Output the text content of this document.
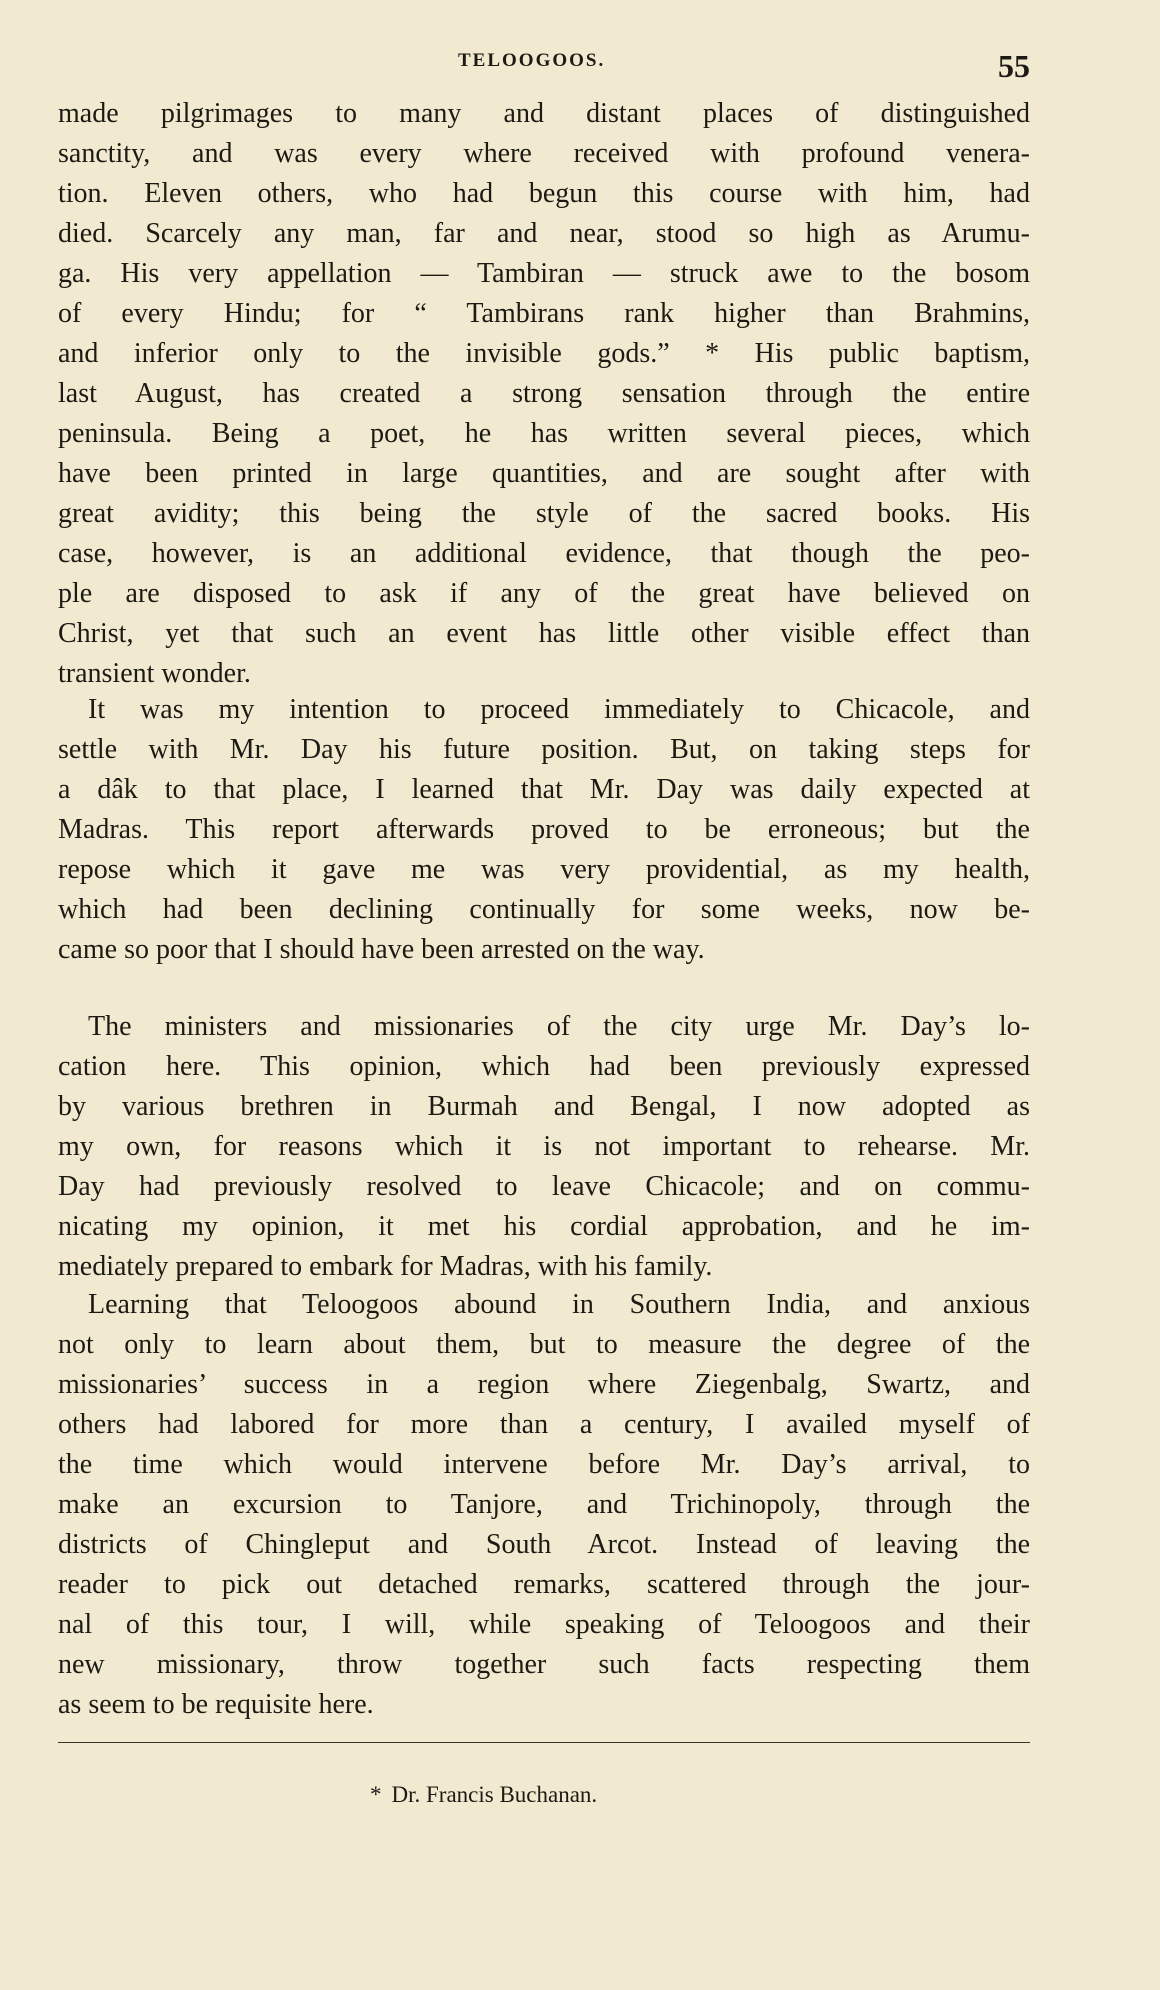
TELOOGOOS.	55
made pilgrimages to many and distant places of distinguished
sanctity, and was every where received with profound venera-
tion. Eleven others, who had begun this course with him, had
died. Scarcely any man, far and near, stood so high as Arumu-
ga. His very appellation — Tambiran — struck awe to the bosom
of every Hindu; for “ Tambirans rank higher than Brahmins,
and inferior only to the invisible gods.” * His public baptism,
last August, has created a strong sensation through the entire
peninsula. Being a poet, he has written several pieces, which
have been printed in large quantities, and are sought after with
great avidity; this being the style of the sacred books. His
case, however, is an additional evidence, that though the peo-
ple are disposed to ask if any of the great have believed on
Christ, yet that such an event has little other visible effect than
transient wonder.
It was my intention to proceed immediately to Chicacole, and
settle with Mr. Day his future position. But, on taking steps for
a dâk to that place, I learned that Mr. Day was daily expected at
Madras. This report afterwards proved to be erroneous; but the
repose which it gave me was very providential, as my health,
which had been declining continually for some weeks, now be-
came so poor that I should have been arrested on the way.
The ministers and missionaries of the city urge Mr. Day’s lo-
cation here. This opinion, which had been previously expressed
by various brethren in Burmah and Bengal, I now adopted as
my own, for reasons which it is not important to rehearse. Mr.
Day had previously resolved to leave Chicacole; and on commu-
nicating my opinion, it met his cordial approbation, and he im-
mediately prepared to embark for Madras, with his family.
Learning that Teloogoos abound in Southern India, and anxious
not only to learn about them, but to measure the degree of the
missionaries’ success in a region where Ziegenbalg, Swartz, and
others had labored for more than a century, I availed myself of
the time which would intervene before Mr. Day’s arrival, to
make an excursion to Tanjore, and Trichinopoly, through the
districts of Chingleput and South Arcot. Instead of leaving the
reader to pick out detached remarks, scattered through the jour-
nal of this tour, I will, while speaking of Teloogoos and their
new missionary, throw together such facts respecting them
as seem to be requisite here.
* Dr. Francis Buchanan.
